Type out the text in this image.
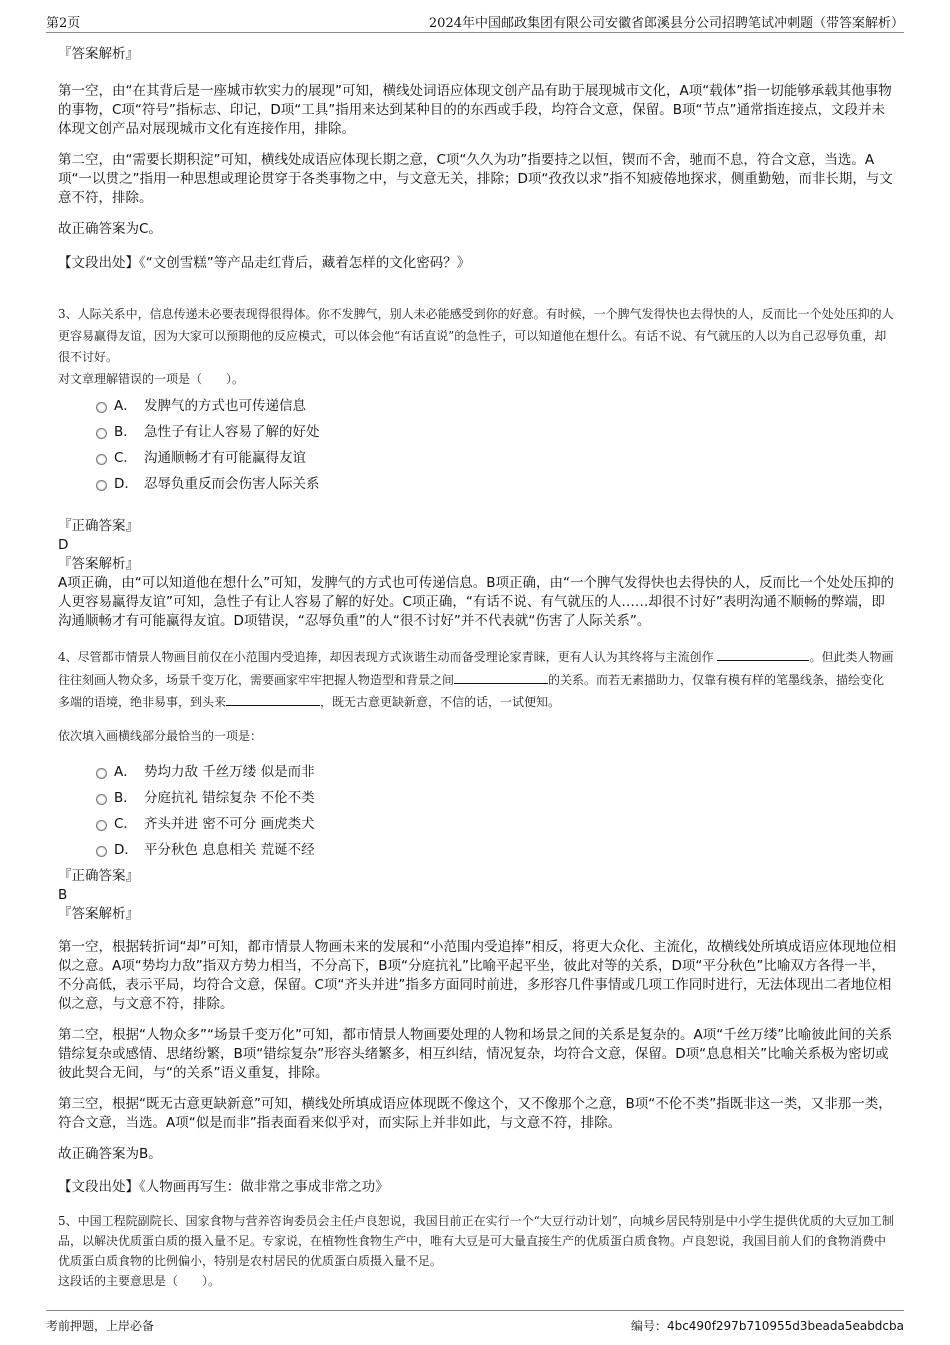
第2页	2024年中国邮政集团有限公司安徽省郎溪县分公司招聘笔试冲刺题（带答案解析）

『答案解析』

第一空，由“在其背后是一座城市软实力的展现”可知，横线处词语应体现文创产品有助于展现城市文化，A项“载体”指一切能够承载其他事物的事物，C项“符号”指标志、印记，D项“工具”指用来达到某种目的的东西或手段，均符合文意，保留。B项“节点”通常指连接点，文段并未体现文创产品对展现城市文化有连接作用，排除。

第二空，由“需要长期积淀”可知，横线处成语应体现长期之意，C项“久久为功”指要持之以恒，锲而不舍，驰而不息，符合文意，当选。A项“一以贯之”指用一种思想或理论贯穿于各类事物之中，与文意无关，排除；D项“孜孜以求”指不知疲倦地探求，侧重勤勉，而非长期，与文意不符，排除。

故正确答案为C。

【文段出处】《“文创雪糕”等产品走红背后，藏着怎样的文化密码？》

3、人际关系中，信息传递未必要表现得很得体。你不发脾气，别人未必能感受到你的好意。有时候，一个脾气发得快也去得快的人，反而比一个处处压抑的人更容易赢得友谊，因为大家可以预期他的反应模式，可以体会他“有话直说”的急性子，可以知道他在想什么。有话不说、有气就压的人以为自己忍辱负重，却很不讨好。

对文章理解错误的一项是（　　）。

A． 发脾气的方式也可传递信息
B． 急性子有让人容易了解的好处
C． 沟通顺畅才有可能赢得友谊
D． 忍辱负重反而会伤害人际关系

『正确答案』

D

『答案解析』

A项正确，由“可以知道他在想什么”可知，发脾气的方式也可传递信息。B项正确，由“一个脾气发得快也去得快的人，反而比一个处处压抑的人更容易赢得友谊”可知，急性子有让人容易了解的好处。C项正确，“有话不说、有气就压的人……却很不讨好”表明沟通不顺畅的弊端，即沟通顺畅才有可能赢得友谊。D项错误，“忍辱负重”的人“很不讨好”并不代表就“伤害了人际关系”。

4、尽管都市情景人物画目前仅在小范围内受追捧，却因表现方式诙谐生动而备受理论家青睐，更有人认为其终将与主流创作	。但此类人物画往往刻画人物众多，场景千变万化，需要画家牢牢把握人物造型和背景之间	的关系。而若无素描助力，仅靠有模有样的笔墨线条，描绘变化多端的语境，绝非易事，到头来	，既无古意更缺新意，不信的话，一试便知。

依次填入画横线部分最恰当的一项是：

A． 势均力敌 千丝万缕 似是而非
B． 分庭抗礼 错综复杂 不伦不类
C． 齐头并进 密不可分 画虎类犬
D． 平分秋色 息息相关 荒诞不经

『正确答案』

B

『答案解析』

第一空，根据转折词“却”可知，都市情景人物画未来的发展和“小范围内受追捧”相反，将更大众化、主流化，故横线处所填成语应体现地位相似之意。A项“势均力敌”指双方势力相当，不分高下，B项“分庭抗礼”比喻平起平坐，彼此对等的关系，D项“平分秋色”比喻双方各得一半，不分高低，表示平局，均符合文意，保留。C项“齐头并进”指多方面同时前进，多形容几件事情或几项工作同时进行，无法体现出二者地位相似之意，与文意不符，排除。

第二空，根据“人物众多”“场景千变万化”可知，都市情景人物画要处理的人物和场景之间的关系是复杂的。A项“千丝万缕”比喻彼此间的关系错综复杂或感情、思绪纷繁，B项“错综复杂”形容头绪繁多，相互纠结，情况复杂，均符合文意，保留。D项“息息相关”比喻关系极为密切或彼此契合无间，与“的关系”语义重复，排除。

第三空，根据“既无古意更缺新意”可知，横线处所填成语应体现既不像这个，又不像那个之意，B项“不伦不类”指既非这一类，又非那一类，符合文意，当选。A项“似是而非”指表面看来似乎对，而实际上并非如此，与文意不符，排除。

故正确答案为B。

【文段出处】《人物画再写生：做非常之事成非常之功》

5、中国工程院副院长、国家食物与营养咨询委员会主任卢良恕说，我国目前正在实行一个“大豆行动计划”，向城乡居民特别是中小学生提供优质的大豆加工制品，以解决优质蛋白质的摄入量不足。专家说，在植物性食物生产中，唯有大豆是可大量直接生产的优质蛋白质食物。卢良恕说，我国目前人们的食物消费中优质蛋白质食物的比例偏小，特别是农村居民的优质蛋白质摄入量不足。

这段话的主要意思是（　　）。

考前押题，上岸必备	编号：4bc490f297b710955d3beada5eabdcba
